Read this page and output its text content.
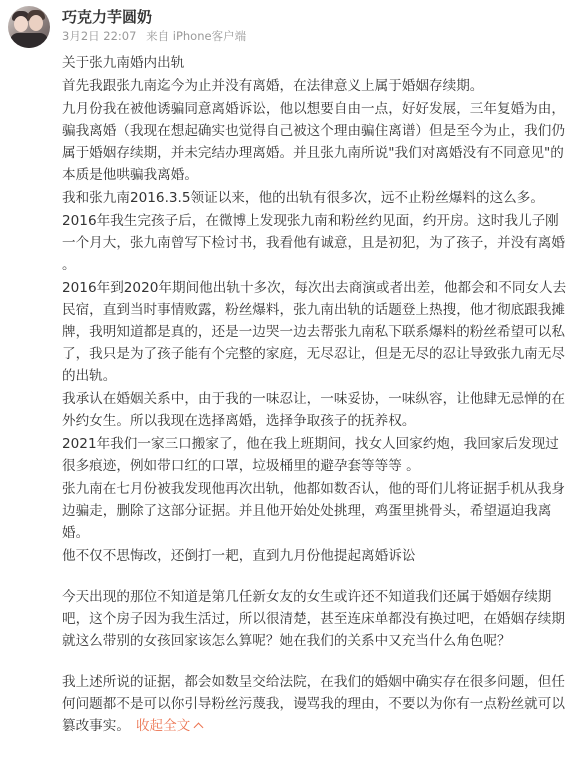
巧克力芋圆奶
3月2日 22:07 来自 iPhone客户端

关于张九南婚内出轨

首先我跟张九南迄今为止并没有离婚，在法律意义上属于婚姻存续期。

九月份我在被他诱骗同意离婚诉讼，他以想要自由一点，好好发展，三年复婚为由，骗我离婚（我现在想起确实也觉得自己被这个理由骗住离谱）但是至今为止，我们仍属于婚姻存续期，并未完结办理离婚。并且张九南所说"我们对离婚没有不同意见"的本质是他哄骗我离婚。

我和张九南2016.3.5领证以来，他的出轨有很多次，远不止粉丝爆料的这么多。

2016年我生完孩子后，在微博上发现张九南和粉丝约见面，约开房。这时我儿子刚一个月大，张九南曾写下检讨书，我看他有诚意，且是初犯，为了孩子，并没有离婚 。

2016年到2020年期间他出轨十多次，每次出去商演或者出差，他都会和不同女人去民宿，直到当时事情败露，粉丝爆料，张九南出轨的话题登上热搜，他才彻底跟我摊牌，我明知道都是真的，还是一边哭一边去帮张九南私下联系爆料的粉丝希望可以私了，我只是为了孩子能有个完整的家庭，无尽忍让，但是无尽的忍让导致张九南无尽的出轨。

我承认在婚姻关系中，由于我的一味忍让，一味妥协，一味纵容，让他肆无忌惮的在外约女生。所以我现在选择离婚，选择争取孩子的抚养权。

2021年我们一家三口搬家了，他在我上班期间，找女人回家约炮，我回家后发现过很多痕迹，例如带口红的口罩，垃圾桶里的避孕套等等等 。

张九南在七月份被我发现他再次出轨，他都如数否认，他的哥们儿将证据手机从我身边骗走，删除了这部分证据。并且他开始处处挑理，鸡蛋里挑骨头，希望逼迫我离婚。

他不仅不思悔改，还倒打一耙，直到九月份他提起离婚诉讼

今天出现的那位不知道是第几任新女友的女生或许还不知道我们还属于婚姻存续期吧，这个房子因为我生活过，所以很清楚，甚至连床单都没有换过吧，在婚姻存续期就这么带别的女孩回家该怎么算呢？她在我们的关系中又充当什么角色呢？

我上述所说的证据，都会如数呈交给法院，在我们的婚姻中确实存在很多问题，但任何问题都不是可以你引导粉丝污蔑我，谩骂我的理由，不要以为你有一点粉丝就可以篡改事实。 收起全文
